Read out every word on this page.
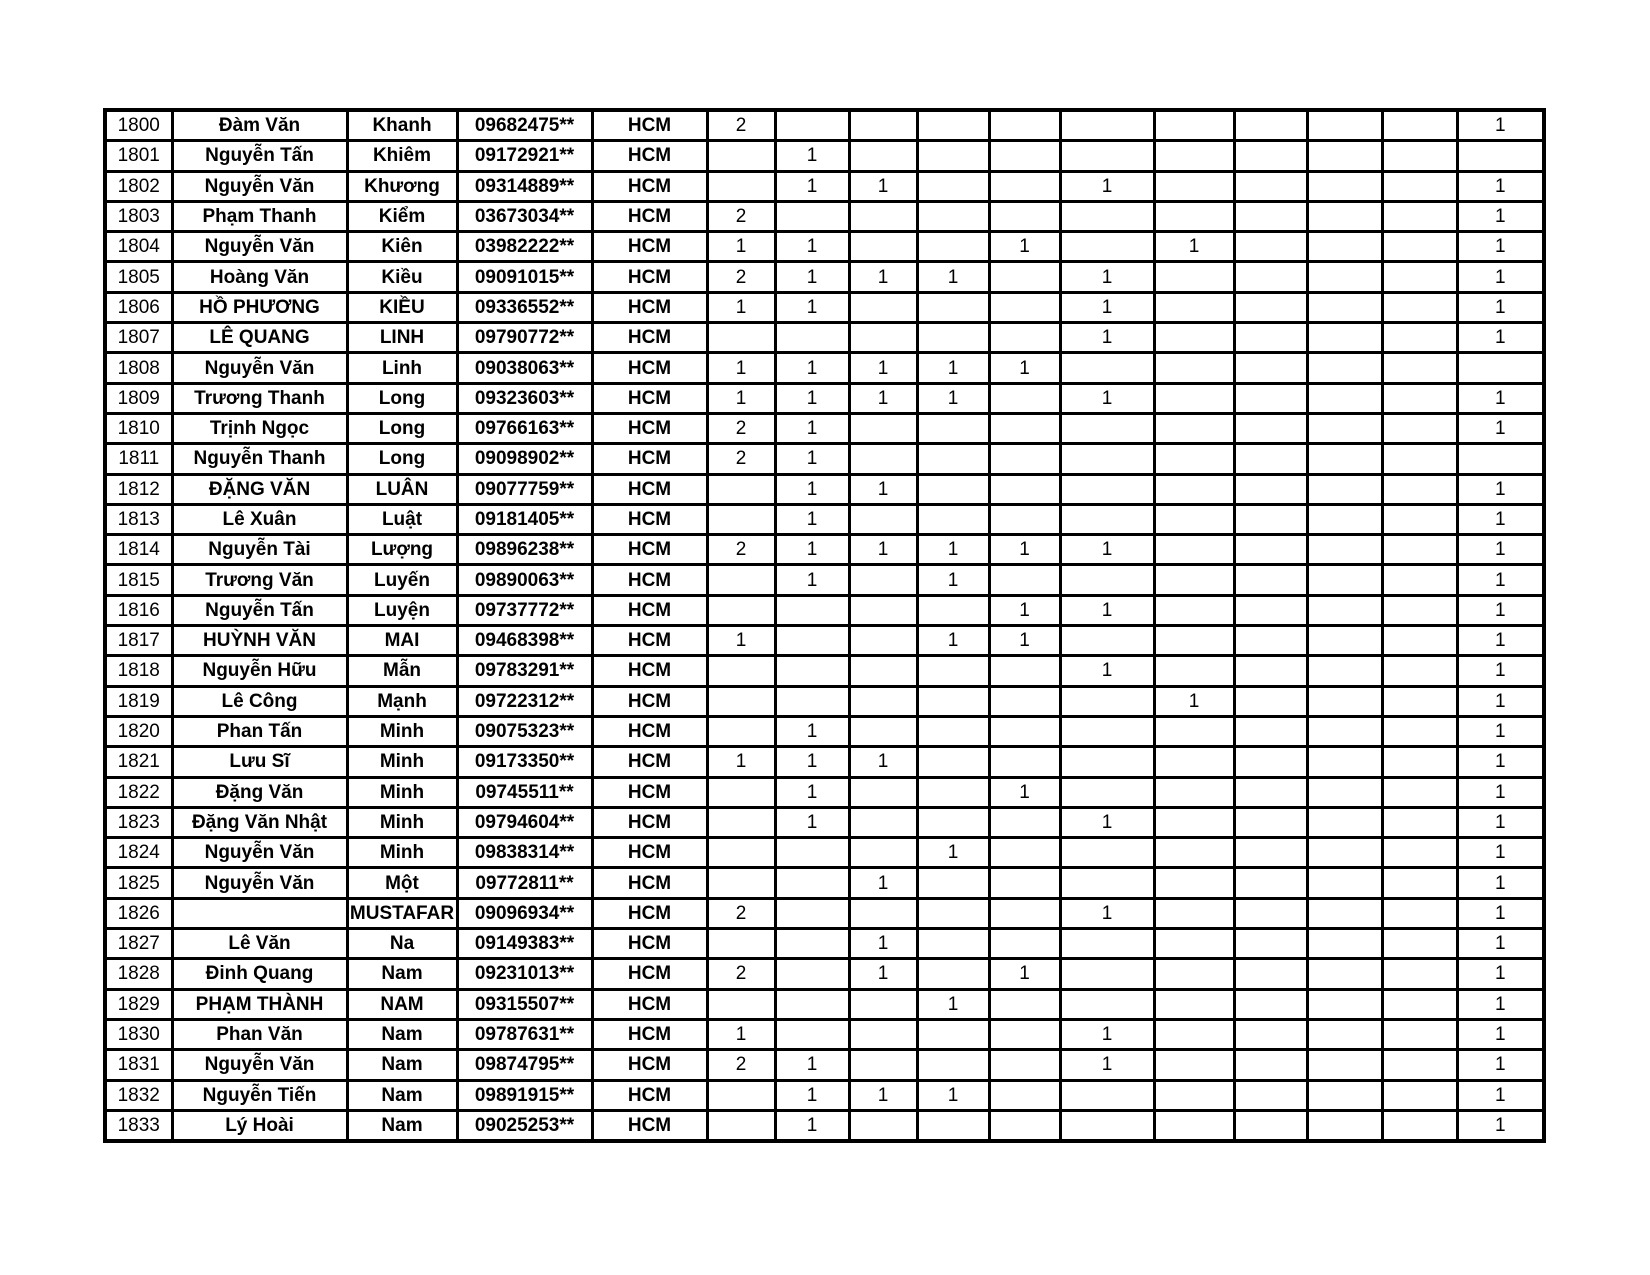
1800	Đàm Văn	Khanh	09682475**	HCM	2										1
1801	Nguyễn Tấn	Khiêm	09172921**	HCM		1									
1802	Nguyễn Văn	Khương	09314889**	HCM		1	1			1					1
1803	Phạm Thanh	Kiểm	03673034**	HCM	2										1
1804	Nguyễn Văn	Kiên	03982222**	HCM	1	1			1		1				1
1805	Hoàng Văn	Kiều	09091015**	HCM	2	1	1	1		1					1
1806	HỒ PHƯƠNG	KIỀU	09336552**	HCM	1	1				1					1
1807	LÊ QUANG	LINH	09790772**	HCM						1					1
1808	Nguyễn Văn	Linh	09038063**	HCM	1	1	1	1	1						
1809	Trương Thanh	Long	09323603**	HCM	1	1	1	1		1					1
1810	Trịnh Ngọc	Long	09766163**	HCM	2	1									1
1811	Nguyễn Thanh	Long	09098902**	HCM	2	1									
1812	ĐẶNG VĂN	LUÂN	09077759**	HCM		1	1								1
1813	Lê Xuân	Luật	09181405**	HCM		1									1
1814	Nguyễn Tài	Lượng	09896238**	HCM	2	1	1	1	1	1					1
1815	Trương Văn	Luyến	09890063**	HCM		1		1							1
1816	Nguyễn Tấn	Luyện	09737772**	HCM					1	1					1
1817	HUỲNH VĂN	MAI	09468398**	HCM	1			1	1						1
1818	Nguyễn Hữu	Mẫn	09783291**	HCM						1					1
1819	Lê Công	Mạnh	09722312**	HCM							1				1
1820	Phan Tấn	Minh	09075323**	HCM		1									1
1821	Lưu Sĩ	Minh	09173350**	HCM	1	1	1								1
1822	Đặng Văn	Minh	09745511**	HCM		1			1						1
1823	Đặng Văn Nhật	Minh	09794604**	HCM		1				1					1
1824	Nguyễn Văn	Minh	09838314**	HCM				1							1
1825	Nguyễn Văn	Một	09772811**	HCM			1								1
1826		MUSTAFAR	09096934**	HCM	2					1					1
1827	Lê Văn	Na	09149383**	HCM			1								1
1828	Đinh Quang	Nam	09231013**	HCM	2		1		1						1
1829	PHẠM THÀNH	NAM	09315507**	HCM				1							1
1830	Phan Văn	Nam	09787631**	HCM	1					1					1
1831	Nguyễn Văn	Nam	09874795**	HCM	2	1				1					1
1832	Nguyễn Tiến	Nam	09891915**	HCM		1	1	1							1
1833	Lý Hoài	Nam	09025253**	HCM		1									1
